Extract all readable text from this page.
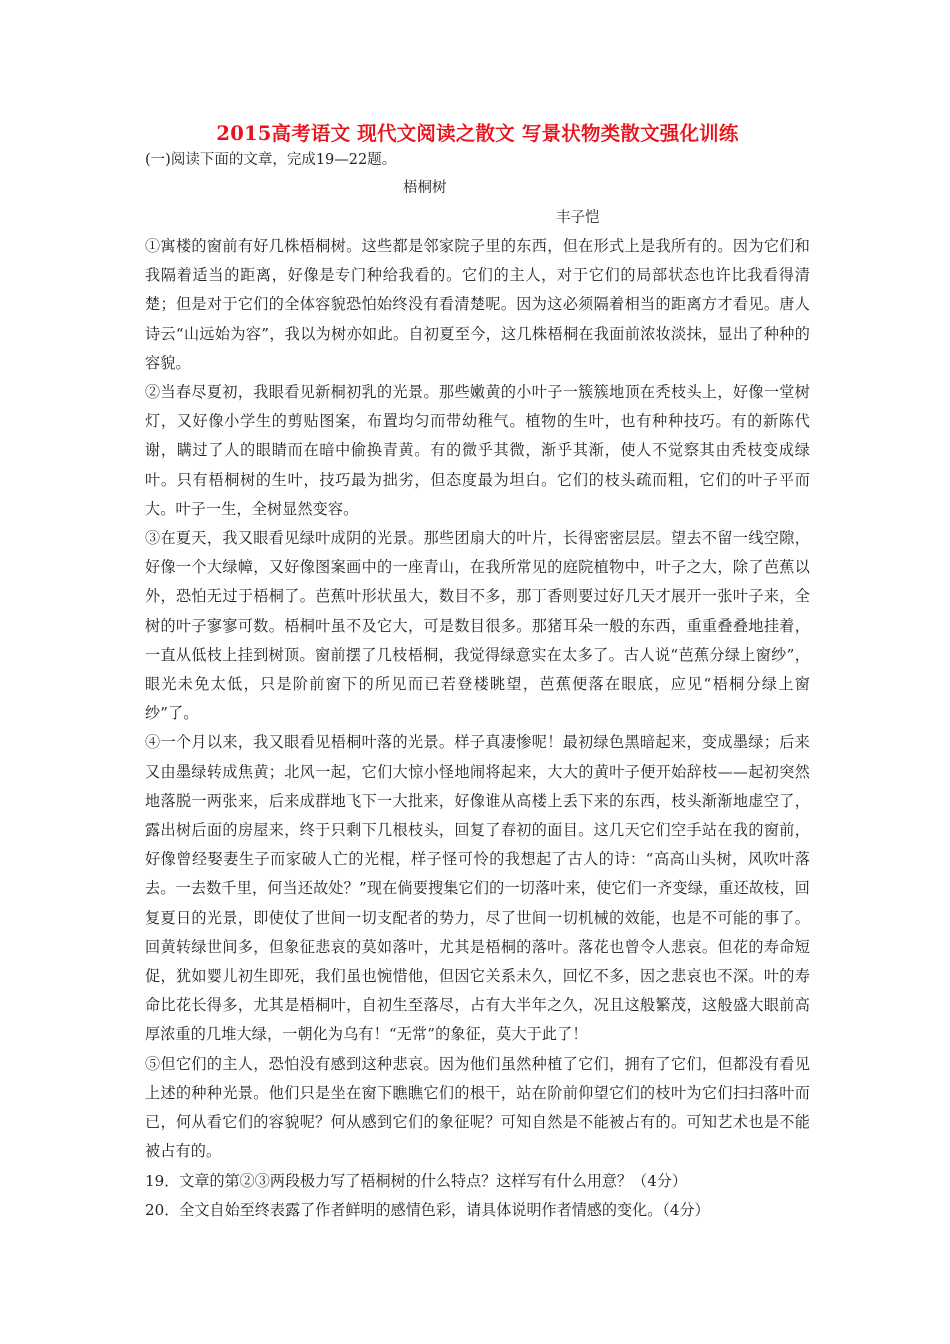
2015高考语文 现代文阅读之散文 写景状物类散文强化训练

(一)阅读下面的文章，完成19—22题。

梧桐树

丰子恺

①寓楼的窗前有好几株梧桐树。这些都是邻家院子里的东西，但在形式上是我所有的。因为它们和我隔着适当的距离，好像是专门种给我看的。它们的主人，对于它们的局部状态也许比我看得清楚；但是对于它们的全体容貌恐怕始终没有看清楚呢。因为这必须隔着相当的距离方才看见。唐人诗云“山远始为容”，我以为树亦如此。自初夏至今，这几株梧桐在我面前浓妆淡抹，显出了种种的容貌。

②当春尽夏初，我眼看见新桐初乳的光景。那些嫩黄的小叶子一簇簇地顶在秃枝头上，好像一堂树灯，又好像小学生的剪贴图案，布置均匀而带幼稚气。植物的生叶，也有种种技巧。有的新陈代谢，瞒过了人的眼睛而在暗中偷换青黄。有的微乎其微，渐乎其渐，使人不觉察其由秃枝变成绿叶。只有梧桐树的生叶，技巧最为拙劣，但态度最为坦白。它们的枝头疏而粗，它们的叶子平而大。叶子一生，全树显然变容。

③在夏天，我又眼看见绿叶成阴的光景。那些团扇大的叶片，长得密密层层。望去不留一线空隙，好像一个大绿幛，又好像图案画中的一座青山，在我所常见的庭院植物中，叶子之大，除了芭蕉以外，恐怕无过于梧桐了。芭蕉叶形状虽大，数目不多，那丁香则要过好几天才展开一张叶子来，全树的叶子寥寥可数。梧桐叶虽不及它大，可是数目很多。那猪耳朵一般的东西，重重叠叠地挂着，一直从低枝上挂到树顶。窗前摆了几枝梧桐，我觉得绿意实在太多了。古人说“芭蕉分绿上窗纱”，眼光未免太低，只是阶前窗下的所见而已若登楼眺望，芭蕉便落在眼底，应见“梧桐分绿上窗纱”了。

④一个月以来，我又眼看见梧桐叶落的光景。样子真凄惨呢！最初绿色黑暗起来，变成墨绿；后来又由墨绿转成焦黄；北风一起，它们大惊小怪地闹将起来，大大的黄叶子便开始辞枝——起初突然地落脱一两张来，后来成群地飞下一大批来，好像谁从高楼上丢下来的东西，枝头渐渐地虚空了，露出树后面的房屋来，终于只剩下几根枝头，回复了春初的面目。这几天它们空手站在我的窗前，好像曾经娶妻生子而家破人亡的光棍，样子怪可怜的我想起了古人的诗：“高高山头树，风吹叶落去。一去数千里，何当还故处？”现在倘要搜集它们的一切落叶来，使它们一齐变绿，重还故枝，回复夏日的光景，即使仗了世间一切支配者的势力，尽了世间一切机械的效能，也是不可能的事了。回黄转绿世间多，但象征悲哀的莫如落叶，尤其是梧桐的落叶。落花也曾令人悲哀。但花的寿命短促，犹如婴儿初生即死，我们虽也惋惜他，但因它关系未久，回忆不多，因之悲哀也不深。叶的寿命比花长得多，尤其是梧桐叶，自初生至落尽，占有大半年之久，况且这般繁茂，这般盛大眼前高厚浓重的几堆大绿，一朝化为乌有！“无常”的象征，莫大于此了！

⑤但它们的主人，恐怕没有感到这种悲哀。因为他们虽然种植了它们，拥有了它们，但都没有看见上述的种种光景。他们只是坐在窗下瞧瞧它们的根干，站在阶前仰望它们的枝叶为它们扫扫落叶而已，何从看它们的容貌呢？何从感到它们的象征呢？可知自然是不能被占有的。可知艺术也是不能被占有的。

19．文章的第②③两段极力写了梧桐树的什么特点？这样写有什么用意？（4分）

20．全文自始至终表露了作者鲜明的感情色彩，请具体说明作者情感的变化。（4分）
